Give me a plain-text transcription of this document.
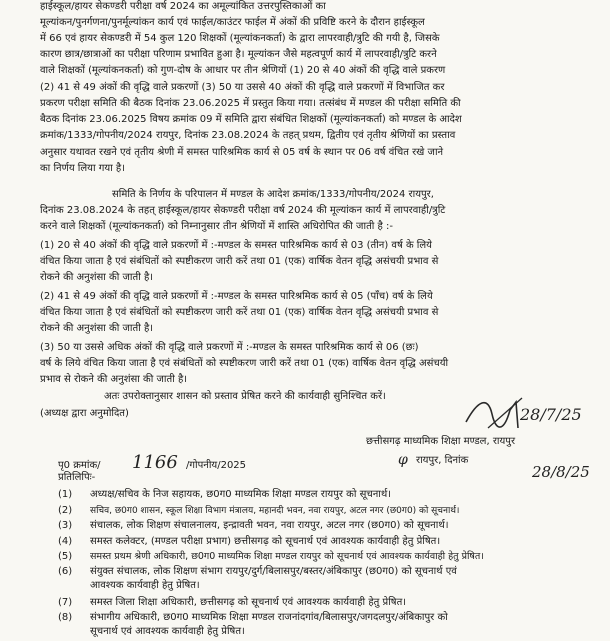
हाईस्कूल/हायर सेकण्डरी परीक्षा वर्ष 2024 का अमूल्यांकित उत्तरपुस्तिकाओं का
मूल्यांकन/पुनर्गणना/पुनर्मूल्यांकन कार्य एवं फाईल/काउंटर फाईल में अंकों की प्रविष्टि करने के दौरान हाईस्कूल
में 66 एवं हायर सेकण्डरी में 54 कुल 120 शिक्षकों (मूल्यांकनकर्ता) के द्वारा लापरवाही/त्रुटि की गयी है, जिसके
कारण छात्र/छात्राओं का परीक्षा परिणाम प्रभावित हुआ है। मूल्यांकन जैसे महत्वपूर्ण कार्य में लापरवाही/त्रुटि करने
वाले शिक्षकों (मूल्यांकनकर्ता) को गुण-दोष के आधार पर तीन श्रेणियों (1) 20 से 40 अंकों की वृद्धि वाले प्रकरण
(2) 41 से 49 अंकों की वृद्धि वाले प्रकरणों (3) 50 या उससे 40 अंकों की वृद्धि वाले प्रकरणों में विभाजित कर
प्रकरण परीक्षा समिति की बैठक दिनांक 23.06.2025 में प्रस्तुत किया गया। तत्संबंध में मण्डल की परीक्षा समिति की
बैठक दिनांक 23.06.2025 विषय क्रमांक 09 में समिति द्वारा संबंधित शिक्षकों (मूल्यांकनकर्ता) को मण्डल के आदेश
क्रमांक/1333/गोपनीय/2024 रायपुर, दिनांक 23.08.2024 के तहत् प्रथम, द्वितीय एवं तृतीय श्रेणियों का प्रस्ताव
अनुसार यथावत रखने एवं तृतीय श्रेणी में समस्त पारिश्रमिक कार्य से 05 वर्ष के स्थान पर 06 वर्ष वंचित रखे जाने
का निर्णय लिया गया है।
समिति के निर्णय के परिपालन में मण्डल के आदेश क्रमांक/1333/गोपनीय/2024 रायपुर,
दिनांक 23.08.2024 के तहत् हाईस्कूल/हायर सेकण्डरी परीक्षा वर्ष 2024 की मूल्यांकन कार्य में लापरवाही/त्रुटि
करने वाले शिक्षकों (मूल्यांकनकर्ता) को निम्नानुसार तीन श्रेणियों में शास्ति अधिरोपित की जाती है :-
(1) 20 से 40 अंकों की वृद्धि वाले प्रकरणों में :-मण्डल के समस्त पारिश्रमिक कार्य से 03 (तीन) वर्ष के लिये
वंचित किया जाता है एवं संबंधितों को स्पष्टीकरण जारी करें तथा 01 (एक) वार्षिक वेतन वृद्धि असंचयी प्रभाव से
रोकने की अनुशंसा की जाती है।
(2) 41 से 49 अंकों की वृद्धि वाले प्रकरणों में :-मण्डल के समस्त पारिश्रमिक कार्य से 05 (पाँच) वर्ष के लिये
वंचित किया जाता है एवं संबंधितों को स्पष्टीकरण जारी करें तथा 01 (एक) वार्षिक वेतन वृद्धि असंचयी प्रभाव से
रोकने की अनुशंसा की जाती है।
(3) 50 या उससे अधिक अंकों की वृद्धि वाले प्रकरणों में :-मण्डल के समस्त पारिश्रमिक कार्य से 06 (छः)
वर्ष के लिये वंचित किया जाता है एवं संबंधितों को स्पष्टीकरण जारी करें तथा 01 (एक) वार्षिक वेतन वृद्धि असंचयी
प्रभाव से रोकने की अनुशंसा की जाती है।
अतः उपरोक्तानुसार शासन को प्रस्ताव प्रेषित करने की कार्यवाही सुनिश्चित करें।
(अध्यक्ष द्वारा अनुमोदित)	28/7/25
छत्तीसगढ़ माध्यमिक शिक्षा मण्डल, रायपुर
रायपुर, दिनांक
φ
28/8/25
पृ0 क्रमांक/ 1166 /गोपनीय/2025
प्रतिलिपिः-
(1) अध्यक्ष/सचिव के निज सहायक, छ0ग0 माध्यमिक शिक्षा मण्डल रायपुर को सूचनार्थ।
(2) सचिव, छ0ग0 शासन, स्कूल शिक्षा विभाग मंत्रालय, महानदी भवन, नवा रायपुर, अटल नगर (छ0ग0) को सूचनार्थ।
(3) संचालक, लोक शिक्षण संचालनालय, इन्द्रावती भवन, नवा रायपुर, अटल नगर (छ0ग0) को सूचनार्थ।
(4) समस्त कलेक्टर, (मण्डल परीक्षा प्रभाग) छत्तीसगढ़ को सूचनार्थ एवं आवश्यक कार्यवाही हेतु प्रेषित।
(5) समस्त प्रथम श्रेणी अधिकारी, छ0ग0 माध्यमिक शिक्षा मण्डल रायपुर को सूचनार्थ एवं आवश्यक कार्यवाही हेतु प्रेषित।
(6) संयुक्त संचालक, लोक शिक्षण संभाग रायपुर/दुर्ग/बिलासपुर/बस्तर/अंबिकापुर (छ0ग0) को सूचनार्थ एवं
आवश्यक कार्यवाही हेतु प्रेषित।
(7) समस्त जिला शिक्षा अधिकारी, छत्तीसगढ़ को सूचनार्थ एवं आवश्यक कार्यवाही हेतु प्रेषित।
(8) संभागीय अधिकारी, छ0ग0 माध्यमिक शिक्षा मण्डल राजनांदगांव/बिलासपुर/जगदलपुर/अंबिकापुर को
सूचनार्थ एवं आवश्यक कार्यवाही हेतु प्रेषित।
